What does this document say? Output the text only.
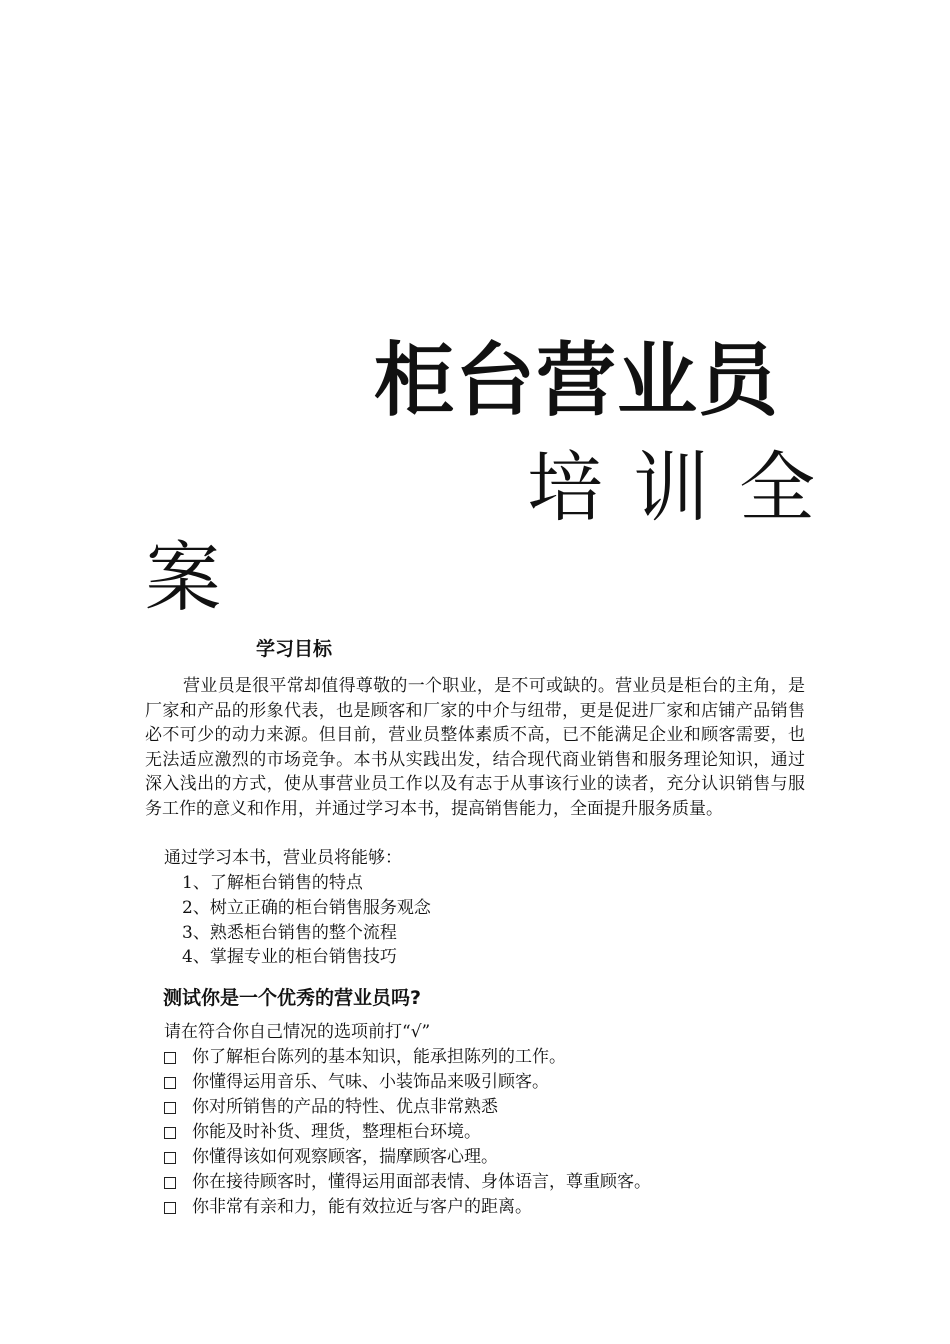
柜台营业员
培训全
案
学习目标
营业员是很平常却值得尊敬的一个职业，是不可或缺的。营业员是柜台的主角，是厂家和产品的形象代表，也是顾客和厂家的中介与纽带，更是促进厂家和店铺产品销售必不可少的动力来源。但目前，营业员整体素质不高，已不能满足企业和顾客需要，也无法适应激烈的市场竞争。本书从实践出发，结合现代商业销售和服务理论知识，通过深入浅出的方式，使从事营业员工作以及有志于从事该行业的读者，充分认识销售与服务工作的意义和作用，并通过学习本书，提高销售能力，全面提升服务质量。
通过学习本书，营业员将能够：
1、了解柜台销售的特点
2、树立正确的柜台销售服务观念
3、熟悉柜台销售的整个流程
4、掌握专业的柜台销售技巧
测试你是一个优秀的营业员吗?
请在符合你自己情况的选项前打“√”
你了解柜台陈列的基本知识，能承担陈列的工作。
你懂得运用音乐、气味、小装饰品来吸引顾客。
你对所销售的产品的特性、优点非常熟悉
你能及时补货、理货，整理柜台环境。
你懂得该如何观察顾客，揣摩顾客心理。
你在接待顾客时，懂得运用面部表情、身体语言，尊重顾客。
你非常有亲和力，能有效拉近与客户的距离。
